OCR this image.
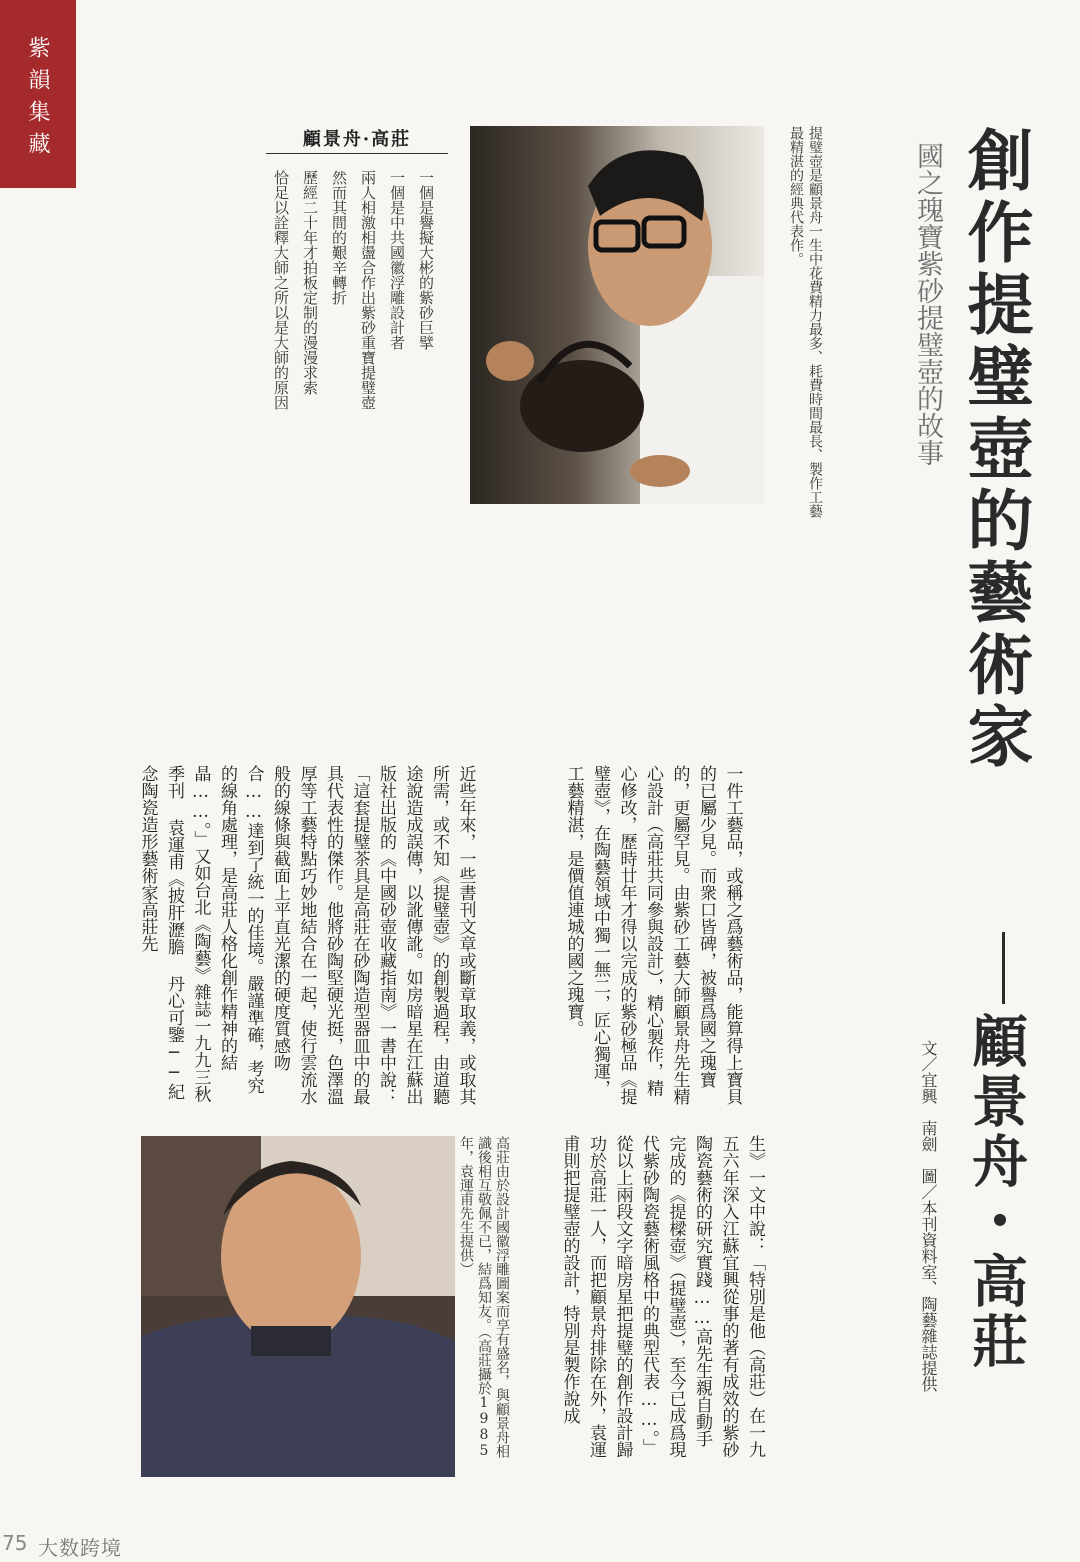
紫韻集藏
提璧壺是顧景舟一生中花費精力最多、耗費時間最長、製作工藝最精湛的經典代表作。	創作提璧壺的藝術家
國之瑰寶紫砂提璧壺的故事
顧景舟・高莊
文／宜興　南劍　圖／本刊資料室、陶藝雜誌提供
顧景舟·高莊
一個是譽擬大彬的紫砂巨擘
一個是中共國徽浮雕設計者
兩人相激相盪合作出紫砂重寶提璧壺
然而其間的艱辛轉折
歷經二十年才拍板定制的漫漫求索
恰足以詮釋大師之所以是大師的原因
一件工藝品，或稱之爲藝術品，能算得上寶貝的已屬少見。而衆口皆碑，被譽爲國之瑰寶的，更屬罕見。由紫砂工藝大師顧景舟先生精心設計（高莊共同參與設計），精心製作，精心修改，歷時廿年才得以完成的紫砂極品《提璧壺》，在陶藝領域中獨一無二，匠心獨運，工藝精湛，是價值連城的國之瑰寶。
近些年來，一些書刊文章或斷章取義，或取其所需，或不知《提璧壺》的創製過程，由道聽途說造成誤傳，以訛傳訛。如房暗星在江蘇出版社出版的《中國砂壺收藏指南》一書中說：「這套提璧茶具是高莊在砂陶造型器皿中的最具代表性的傑作。他將砂陶堅硬光挺，色澤溫厚等工藝特點巧妙地結合在一起，使行雲流水般的線條與截面上平直光潔的硬度質感吻合……達到了統一的佳境。嚴謹準確，考究的線角處理，是高莊人格化創作精神的結晶……。」又如台北《陶藝》雜誌一九九三秋季刊 袁運甫《披肝瀝膽 丹心可鑒──紀念陶瓷造形藝術家高莊先
生》一文中說：「特別是他（高莊）在一九五六年深入江蘇宜興從事的著有成效的紫砂陶瓷藝術的研究實踐……高先生親自動手完成的《提樑壺》（提璧壺），至今已成爲現代紫砂陶瓷藝術風格中的典型代表……。」從以上兩段文字暗房星把提璧的創作設計歸功於高莊一人，而把顧景舟排除在外，袁運甫則把提璧壺的設計，特別是製作說成
高莊由於設計國徽浮雕圖案而享有盛名，與顧景舟相識後相互敬佩不已，結爲知友。（高莊攝於1985年，袁運甫先生提供）
75 大数跨境
